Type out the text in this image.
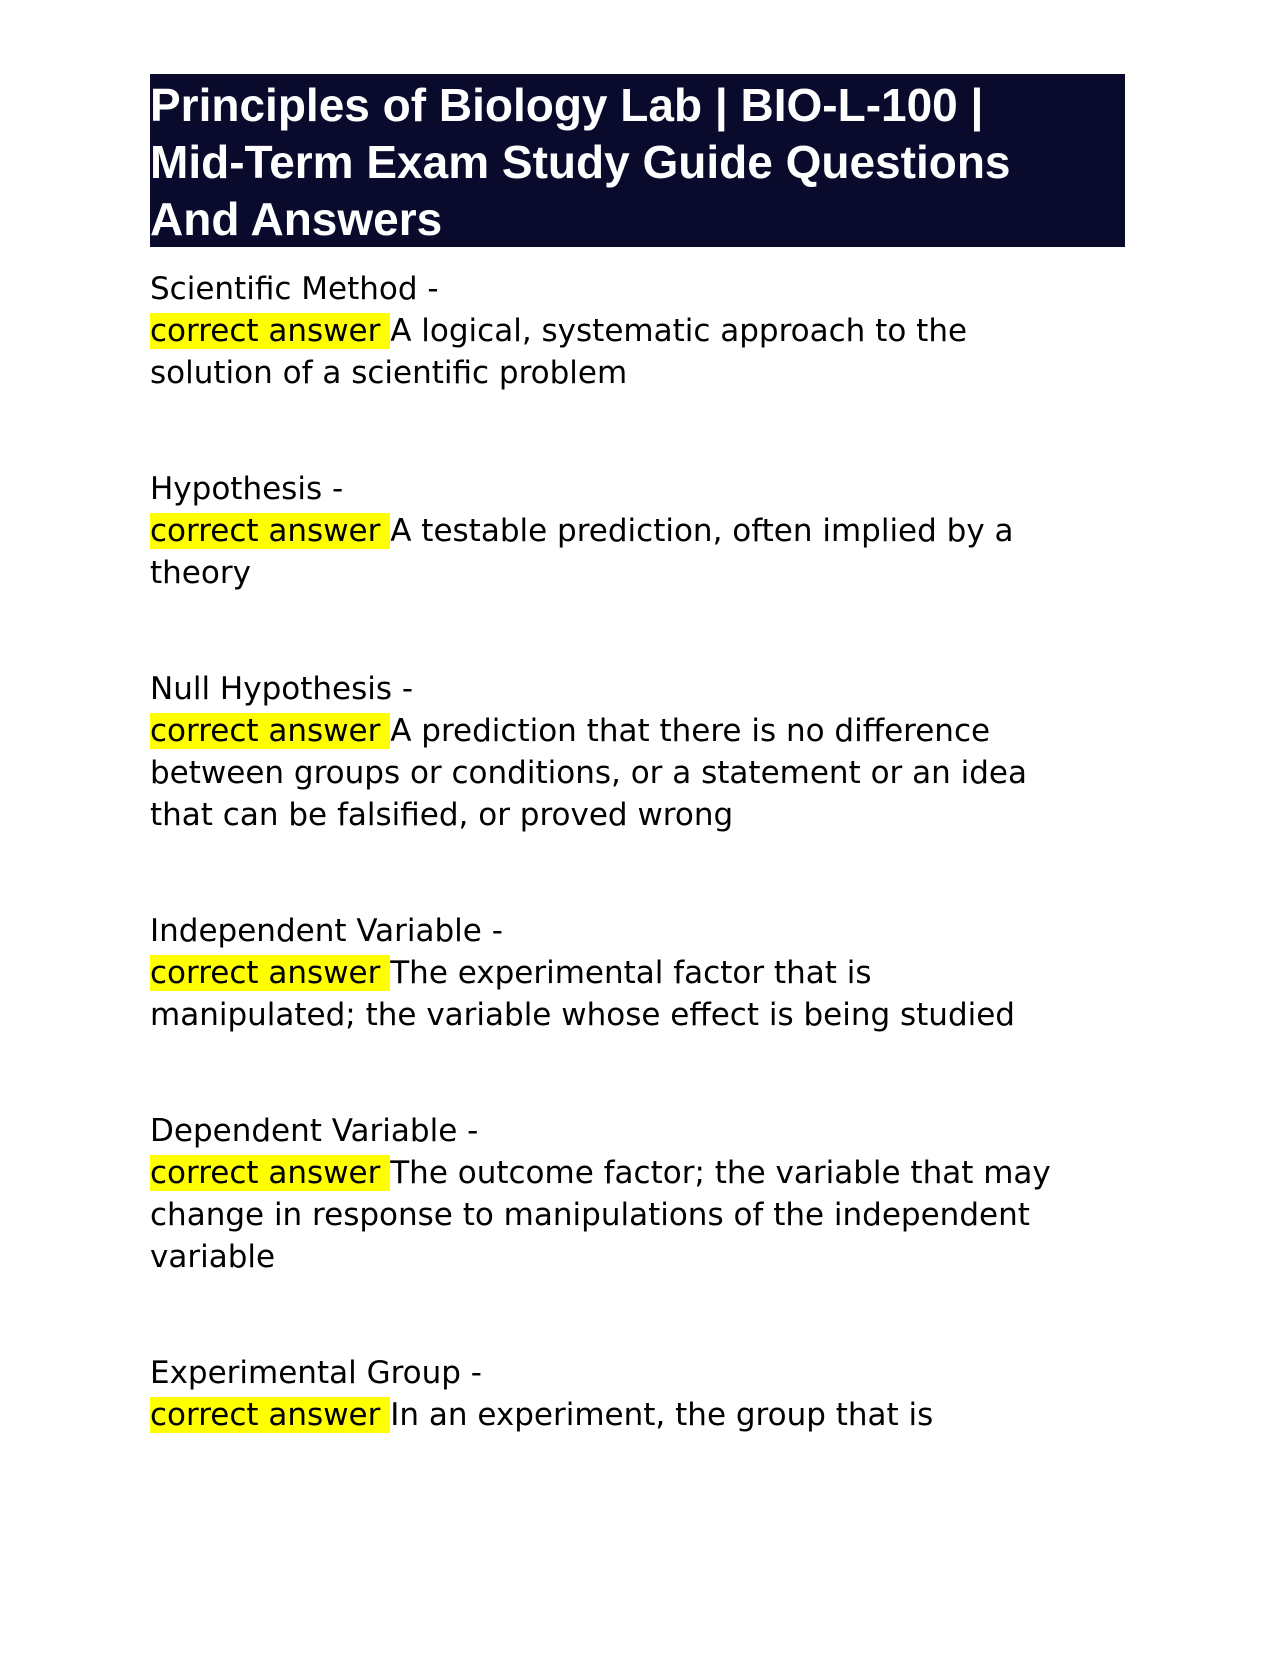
Principles of Biology Lab | BIO-L-100 |
Mid-Term Exam Study Guide Questions
And Answers
Scientific Method -
correct answer A logical, systematic approach to the
solution of a scientific problem
Hypothesis -
correct answer A testable prediction, often implied by a
theory
Null Hypothesis -
correct answer A prediction that there is no difference
between groups or conditions, or a statement or an idea
that can be falsified, or proved wrong
Independent Variable -
correct answer The experimental factor that is
manipulated; the variable whose effect is being studied
Dependent Variable -
correct answer The outcome factor; the variable that may
change in response to manipulations of the independent
variable
Experimental Group -
correct answer In an experiment, the group that is
